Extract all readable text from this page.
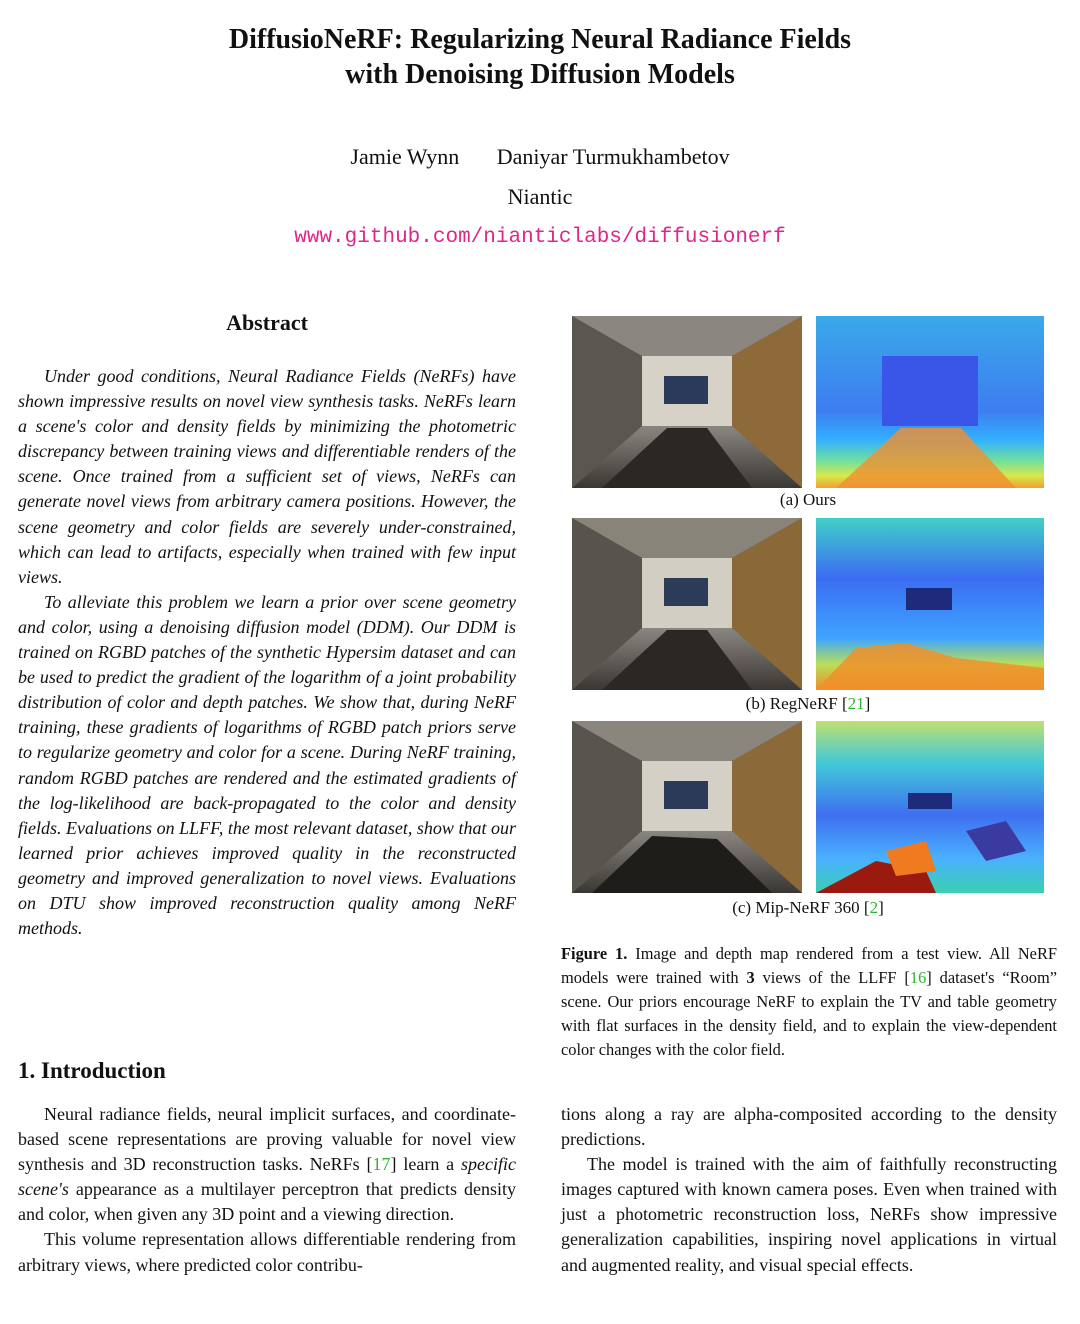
DiffusioNeRF: Regularizing Neural Radiance Fields
with Denoising Diffusion Models
Jamie Wynn Daniyar Turmukhambetov
Niantic
www.github.com/nianticlabs/diffusionerf
Abstract

Under good conditions, Neural Radiance Fields (NeRFs) have shown impressive results on novel view synthesis tasks. NeRFs learn a scene's color and density fields by minimizing the photometric discrepancy between training views and differentiable renders of the scene. Once trained from a sufficient set of views, NeRFs can generate novel views from arbitrary camera positions. However, the scene geometry and color fields are severely under-constrained, which can lead to artifacts, especially when trained with few input views.

To alleviate this problem we learn a prior over scene geometry and color, using a denoising diffusion model (DDM). Our DDM is trained on RGBD patches of the synthetic Hypersim dataset and can be used to predict the gradient of the logarithm of a joint probability distribution of color and depth patches. We show that, during NeRF training, these gradients of logarithms of RGBD patch priors serve to regularize geometry and color for a scene. During NeRF training, random RGBD patches are rendered and the estimated gradients of the log-likelihood are back-propagated to the color and density fields. Evaluations on LLFF, the most relevant dataset, show that our learned prior achieves improved quality in the reconstructed geometry and improved generalization to novel views. Evaluations on DTU show improved reconstruction quality among NeRF methods.

(a) Ours
(b) RegNeRF [21]
(c) Mip-NeRF 360 [2]
Figure 1. Image and depth map rendered from a test view. All NeRF models were trained with 3 views of the LLFF [16] dataset's “Room” scene. Our priors encourage NeRF to explain the TV and table geometry with flat surfaces in the density field, and to explain the view-dependent color changes with the color field.
1. Introduction

Neural radiance fields, neural implicit surfaces, and coordinate-based scene representations are proving valuable for novel view synthesis and 3D reconstruction tasks. NeRFs [17] learn a specific scene's appearance as a multilayer perceptron that predicts density and color, when given any 3D point and a viewing direction.

This volume representation allows differentiable rendering from arbitrary views, where predicted color contribu-

tions along a ray are alpha-composited according to the density predictions.

The model is trained with the aim of faithfully reconstructing images captured with known camera poses. Even when trained with just a photometric reconstruction loss, NeRFs show impressive generalization capabilities, inspiring novel applications in virtual and augmented reality, and visual special effects.
